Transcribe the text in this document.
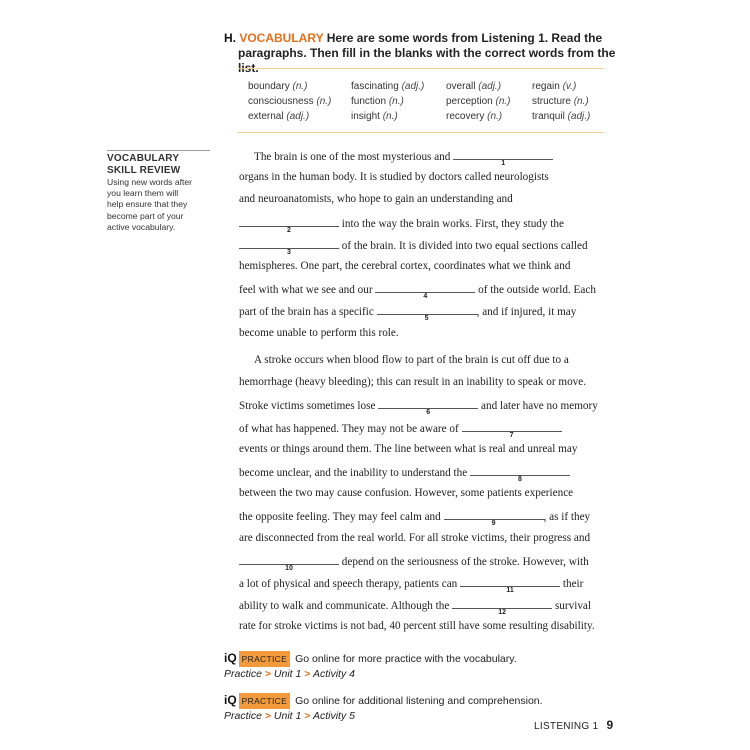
H. VOCABULARY Here are some words from Listening 1. Read the
paragraphs. Then fill in the blanks with the correct words from the list.
boundary (n.)
consciousness (n.)
external (adj.)
fascinating (adj.)
function (n.)
insight (n.)
overall (adj.)
perception (n.)
recovery (n.)
regain (v.)
structure (n.)
tranquil (adj.)
VOCABULARY
SKILL REVIEW
Using new words after
you learn them will
help ensure that they
become part of your
active vocabulary.
The brain is one of the most mysterious and
1
organs in the human body. It is studied by doctors called neurologists
and neuroanatomists, who hope to gain an understanding and
2
into the way the brain works. First, they study the
3
of the brain. It is divided into two equal sections called
hemispheres. One part, the cerebral cortex, coordinates what we think and
feel with what we see and our
4
of the outside world. Each
part of the brain has a specific
5
, and if injured, it may
become unable to perform this role.
A stroke occurs when blood flow to part of the brain is cut off due to a
hemorrhage (heavy bleeding); this can result in an inability to speak or move.
Stroke victims sometimes lose
6
and later have no memory
of what has happened. They may not be aware of
7
events or things around them. The line between what is real and unreal may
become unclear, and the inability to understand the
8
between the two may cause confusion. However, some patients experience
the opposite feeling. They may feel calm and
9
, as if they
are disconnected from the real world. For all stroke victims, their progress and
10
depend on the seriousness of the stroke. However, with
a lot of physical and speech therapy, patients can
11
their
ability to walk and communicate. Although the
12
survival
rate for stroke victims is not bad, 40 percent still have some resulting disability.
iQ PRACTICE Go online for more practice with the vocabulary.
Practice > Unit 1 > Activity 4
iQ PRACTICE Go online for additional listening and comprehension.
Practice > Unit 1 > Activity 5
LISTENING 1 9
